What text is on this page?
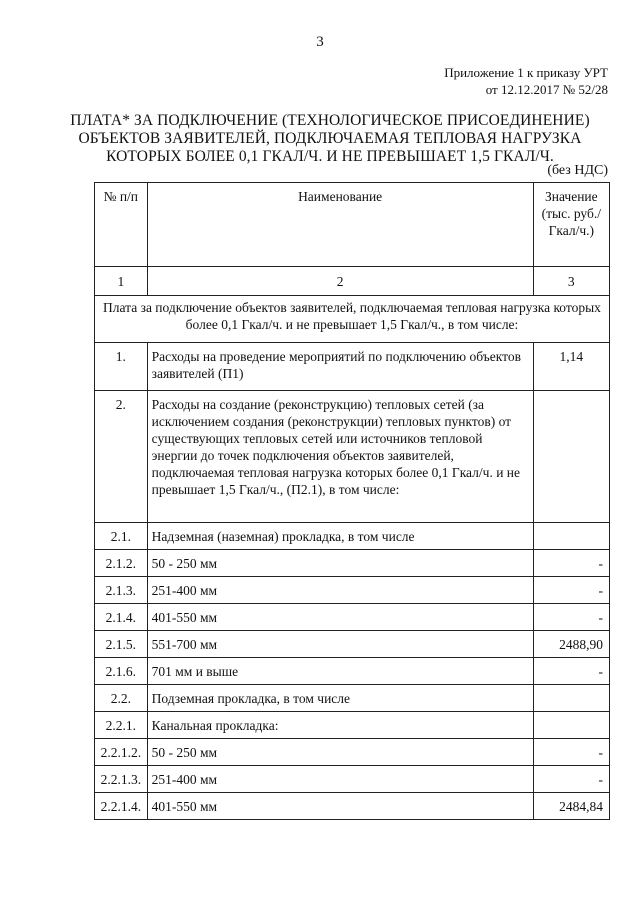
3
Приложение 1 к приказу УРТ
от 12.12.2017 № 52/28
ПЛАТА* ЗА ПОДКЛЮЧЕНИЕ (ТЕХНОЛОГИЧЕСКОЕ ПРИСОЕДИНЕНИЕ)
ОБЪЕКТОВ ЗАЯВИТЕЛЕЙ, ПОДКЛЮЧАЕМАЯ ТЕПЛОВАЯ НАГРУЗКА
КОТОРЫХ БОЛЕЕ 0,1 ГКАЛ/Ч. И НЕ ПРЕВЫШАЕТ 1,5 ГКАЛ/Ч.
(без НДС)
№ п/п	Наименование	Значение (тыс. руб./Гкал/ч.)
1	2	3
Плата за подключение объектов заявителей, подключаемая тепловая нагрузка которых более 0,1 Гкал/ч. и не превышает 1,5 Гкал/ч., в том числе:		
1.	Расходы на проведение мероприятий по подключению объектов заявителей (П1)	1,14
2.	Расходы на создание (реконструкцию) тепловых сетей (за исключением создания (реконструкции) тепловых пунктов) от существующих тепловых сетей или источников тепловой энергии до точек подключения объектов заявителей, подключаемая тепловая нагрузка которых более 0,1 Гкал/ч. и не превышает 1,5 Гкал/ч., (П2.1), в том числе:	
2.1.	Надземная (наземная) прокладка, в том числе	
2.1.2.	50 - 250 мм	-
2.1.3.	251-400 мм	-
2.1.4.	401-550 мм	-
2.1.5.	551-700 мм	2488,90
2.1.6.	701 мм и выше	-
2.2.	Подземная прокладка, в том числе	
2.2.1.	Канальная прокладка:	
2.2.1.2.	50 - 250 мм	-
2.2.1.3.	251-400 мм	-
2.2.1.4.	401-550 мм	2484,84
